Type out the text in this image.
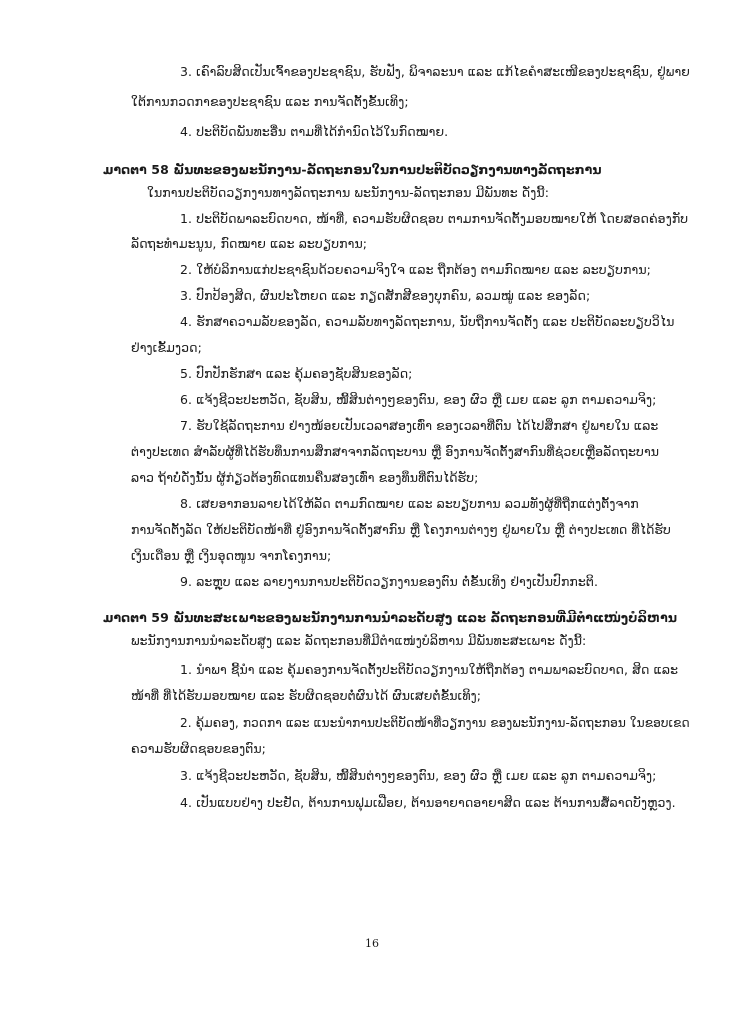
3. ເຄົາລົບສິດເປັນເຈົ້າຂອງປະຊາຊົນ, ຮັບຟັງ, ພິຈາລະນາ ແລະ ແກ້ໄຂຄຳສະເໜີຂອງປະຊາຊົນ, ຢູ່ພາຍ
ໃຕ້ການກວດກາຂອງປະຊາຊົນ ແລະ ການຈັດຕັ້ງຂັ້ນເທິງ;
4. ປະຕິບັດພັນທະອື່ນ ຕາມທີ່ໄດ້ກຳນົດໄວ້ໃນກົດໝາຍ.
ມາດຕາ 58 ພັນທະຂອງພະນັກງານ-ລັດຖະກອນໃນການປະຕິບັດວຽກງານທາງລັດຖະການ
ໃນການປະຕິບັດວຽກງານທາງລັດຖະການ ພະນັກງານ-ລັດຖະກອນ ມີພັນທະ ດັ່ງນີ້:
1. ປະຕິບັດພາລະບົດບາດ, ໜ້າທີ່, ຄວາມຮັບຜິດຊອບ ຕາມການຈັດຕັ້ງມອບໝາຍໃຫ້ ໂດຍສອດຄ່ອງກັບ
ລັດຖະທຳມະນູນ, ກົດໝາຍ ແລະ ລະບຽບການ;
2. ໃຫ້ບໍລິການແກ່ປະຊາຊົນດ້ວຍຄວາມຈິງໃຈ ແລະ ຖືກຕ້ອງ ຕາມກົດໝາຍ ແລະ ລະບຽບການ;
3. ປົກປ້ອງສິດ, ຜົນປະໂຫຍດ ແລະ ກຽດສັກສີຂອງບຸກຄົນ, ລວມໝູ່ ແລະ ຂອງລັດ;
4. ຮັກສາຄວາມລັບຂອງລັດ, ຄວາມລັບທາງລັດຖະການ, ນັບຖືການຈັດຕັ້ງ ແລະ ປະຕິບັດລະບຽບວິໄນ
ຢ່າງເຂັ້ມງວດ;
5. ປົກປັກຮັກສາ ແລະ ຄຸ້ມຄອງຊັບສິນຂອງລັດ;
6. ແຈ້ງຊີວະປະຫວັດ, ຊັບສິນ, ໜີ້ສິນຕ່າງໆຂອງຕົນ, ຂອງ ຜົວ ຫຼື ເມຍ ແລະ ລູກ ຕາມຄວາມຈິງ;
7. ຮັບໃຊ້ລັດຖະການ ຢ່າງໜ້ອຍເປັນເວລາສອງເທົ່າ ຂອງເວລາທີ່ຕົນ ໄດ້ໄປສຶກສາ ຢູ່ພາຍໃນ ແລະ
ຕ່າງປະເທດ ສຳລັບຜູ້ທີ່ໄດ້ຮັບທຶນການສຶກສາຈາກລັດຖະບານ ຫຼື ອົງການຈັດຕັ້ງສາກົນທີ່ຊ່ວຍເຫຼືອລັດຖະບານ
ລາວ ຖ້າບໍ່ດັ່ງນັ້ນ ຜູ້ກ່ຽວຕ້ອງທົດແທນຄືນສອງເທົ່າ ຂອງທຶນທີ່ຕົນໄດ້ຮັບ;
8. ເສຍອາກອນລາຍໄດ້ໃຫ້ລັດ ຕາມກົດໝາຍ ແລະ ລະບຽບການ ລວມທັງຜູ້ທີ່ຖືກແຕ່ງຕັ້ງຈາກ
ການຈັດຕັ້ງລັດ ໃຫ້ປະຕິບັດໜ້າທີ່ ຢູ່ອົງການຈັດຕັ້ງສາກົນ ຫຼື ໂຄງການຕ່າງໆ ຢູ່ພາຍໃນ ຫຼື ຕ່າງປະເທດ ທີ່ໄດ້ຮັບ
ເງິນເດືອນ ຫຼື ເງິນອຸດໜູນ ຈາກໂຄງການ;
9. ລະຫຼຸບ ແລະ ລາຍງານການປະຕິບັດວຽກງານຂອງຕົນ ຕໍ່ຂັ້ນເທິງ ຢ່າງເປັນປົກກະຕິ.
ມາດຕາ 59 ພັນທະສະເພາະຂອງພະນັກງານການນຳລະດັບສູງ ແລະ ລັດຖະກອນທີ່ມີຕຳແໜ່ງບໍລິຫານ
ພະນັກງານການນຳລະດັບສູງ ແລະ ລັດຖະກອນທີ່ມີຕຳແໜ່ງບໍລິຫານ ມີພັນທະສະເພາະ ດັ່ງນີ້:
1. ນຳພາ ຊີ້ນຳ ແລະ ຄຸ້ມຄອງການຈັດຕັ້ງປະຕິບັດວຽກງານໃຫ້ຖືກຕ້ອງ ຕາມພາລະບົດບາດ, ສິດ ແລະ
ໜ້າທີ່ ທີ່ໄດ້ຮັບມອບໝາຍ ແລະ ຮັບຜິດຊອບຕໍ່ຜົນໄດ້ ຜົນເສຍຕໍ່ຂັ້ນເທິງ;
2. ຄຸ້ມຄອງ, ກວດກາ ແລະ ແນະນຳການປະຕິບັດໜ້າທີ່ວຽກງານ ຂອງພະນັກງານ-ລັດຖະກອນ ໃນຂອບເຂດ
ຄວາມຮັບຜິດຊອບຂອງຕົນ;
3. ແຈ້ງຊີວະປະຫວັດ, ຊັບສິນ, ໜີ້ສິນຕ່າງໆຂອງຕົນ, ຂອງ ຜົວ ຫຼື ເມຍ ແລະ ລູກ ຕາມຄວາມຈິງ;
4. ເປັນແບບຢ່າງ ປະຢັດ, ຕ້ານການຟຸມເຟືອຍ, ຕ້ານອາຍາດອາຍາສິດ ແລະ ຕ້ານການສໍ້ລາດບັງຫຼວງ.
16
